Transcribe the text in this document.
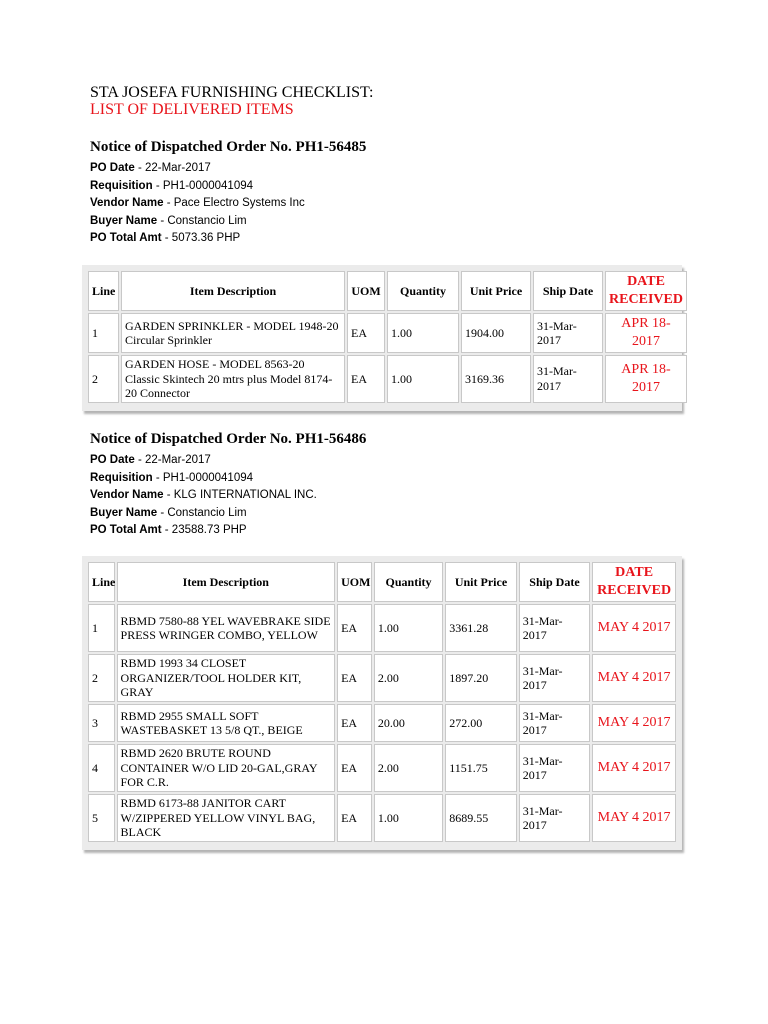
STA JOSEFA FURNISHING CHECKLIST:
LIST OF DELIVERED ITEMS
Notice of Dispatched Order No. PH1-56485
PO Date - 22-Mar-2017
Requisition - PH1-0000041094
Vendor Name - Pace Electro Systems Inc
Buyer Name - Constancio Lim
PO Total Amt - 5073.36 PHP
Line	Item Description	UOM	Quantity	Unit Price	Ship Date	DATE RECEIVED
1	GARDEN SPRINKLER - MODEL 1948-20 Circular Sprinkler	EA	1.00	1904.00	31-Mar-2017	APR 18-2017
2	GARDEN HOSE - MODEL 8563-20 Classic Skintech 20 mtrs plus Model 8174-20 Connector	EA	1.00	3169.36	31-Mar-2017	APR 18-2017
Notice of Dispatched Order No. PH1-56486
PO Date - 22-Mar-2017
Requisition - PH1-0000041094
Vendor Name - KLG INTERNATIONAL INC.
Buyer Name - Constancio Lim
PO Total Amt - 23588.73 PHP
Line	Item Description	UOM	Quantity	Unit Price	Ship Date	DATE RECEIVED
1	RBMD 7580-88 YEL WAVEBRAKE SIDE PRESS WRINGER COMBO, YELLOW	EA	1.00	3361.28	31-Mar-2017	MAY 4 2017
2	RBMD 1993 34 CLOSET ORGANIZER/TOOL HOLDER KIT, GRAY	EA	2.00	1897.20	31-Mar-2017	MAY 4 2017
3	RBMD 2955 SMALL SOFT WASTEBASKET 13 5/8 QT., BEIGE	EA	20.00	272.00	31-Mar-2017	MAY 4 2017
4	RBMD 2620 BRUTE ROUND CONTAINER W/O LID 20-GAL,GRAY FOR C.R.	EA	2.00	1151.75	31-Mar-2017	MAY 4 2017
5	RBMD 6173-88 JANITOR CART W/ZIPPERED YELLOW VINYL BAG, BLACK	EA	1.00	8689.55	31-Mar-2017	MAY 4 2017
